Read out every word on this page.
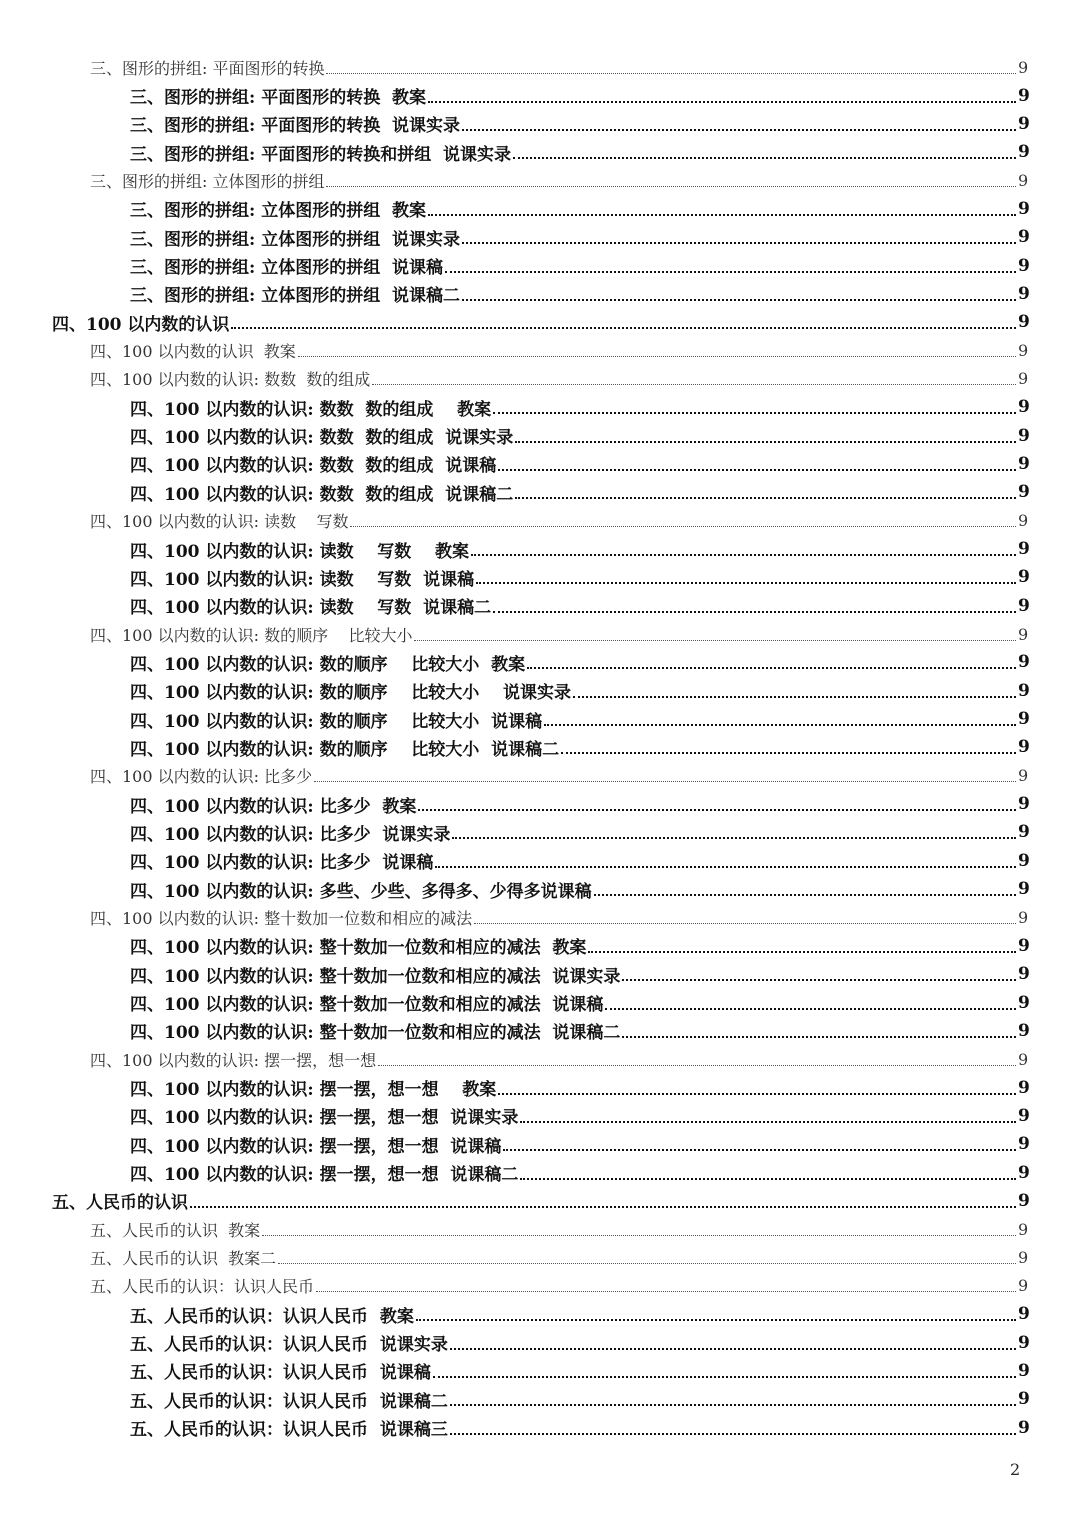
三、图形的拼组: 平面图形的转换	9
三、图形的拼组: 平面图形的转换  教案	9
三、图形的拼组: 平面图形的转换  说课实录	9
三、图形的拼组: 平面图形的转换和拼组  说课实录	9
三、图形的拼组: 立体图形的拼组	9
三、图形的拼组: 立体图形的拼组  教案	9
三、图形的拼组: 立体图形的拼组  说课实录	9
三、图形的拼组: 立体图形的拼组  说课稿	9
三、图形的拼组: 立体图形的拼组  说课稿二	9
四、100 以内数的认识	9
四、100 以内数的认识  教案	9
四、100 以内数的认识: 数数  数的组成	9
四、100 以内数的认识: 数数  数的组成    教案	9
四、100 以内数的认识: 数数  数的组成  说课实录	9
四、100 以内数的认识: 数数  数的组成  说课稿	9
四、100 以内数的认识: 数数  数的组成  说课稿二	9
四、100 以内数的认识: 读数    写数	9
四、100 以内数的认识: 读数    写数    教案	9
四、100 以内数的认识: 读数    写数  说课稿	9
四、100 以内数的认识: 读数    写数  说课稿二	9
四、100 以内数的认识: 数的顺序    比较大小	9
四、100 以内数的认识: 数的顺序    比较大小  教案	9
四、100 以内数的认识: 数的顺序    比较大小    说课实录	9
四、100 以内数的认识: 数的顺序    比较大小  说课稿	9
四、100 以内数的认识: 数的顺序    比较大小  说课稿二	9
四、100 以内数的认识: 比多少	9
四、100 以内数的认识: 比多少  教案	9
四、100 以内数的认识: 比多少  说课实录	9
四、100 以内数的认识: 比多少  说课稿	9
四、100 以内数的认识: 多些、少些、多得多、少得多说课稿	9
四、100 以内数的认识: 整十数加一位数和相应的减法	9
四、100 以内数的认识: 整十数加一位数和相应的减法  教案	9
四、100 以内数的认识: 整十数加一位数和相应的减法  说课实录	9
四、100 以内数的认识: 整十数加一位数和相应的减法  说课稿	9
四、100 以内数的认识: 整十数加一位数和相应的减法  说课稿二	9
四、100 以内数的认识: 摆一摆，想一想	9
四、100 以内数的认识: 摆一摆，想一想    教案	9
四、100 以内数的认识: 摆一摆，想一想  说课实录	9
四、100 以内数的认识: 摆一摆，想一想  说课稿	9
四、100 以内数的认识: 摆一摆，想一想  说课稿二	9
五、人民币的认识	9
五、人民币的认识  教案	9
五、人民币的认识  教案二	9
五、人民币的认识：认识人民币	9
五、人民币的认识：认识人民币  教案	9
五、人民币的认识：认识人民币  说课实录	9
五、人民币的认识：认识人民币  说课稿	9
五、人民币的认识：认识人民币  说课稿二	9
五、人民币的认识：认识人民币  说课稿三	9
2
